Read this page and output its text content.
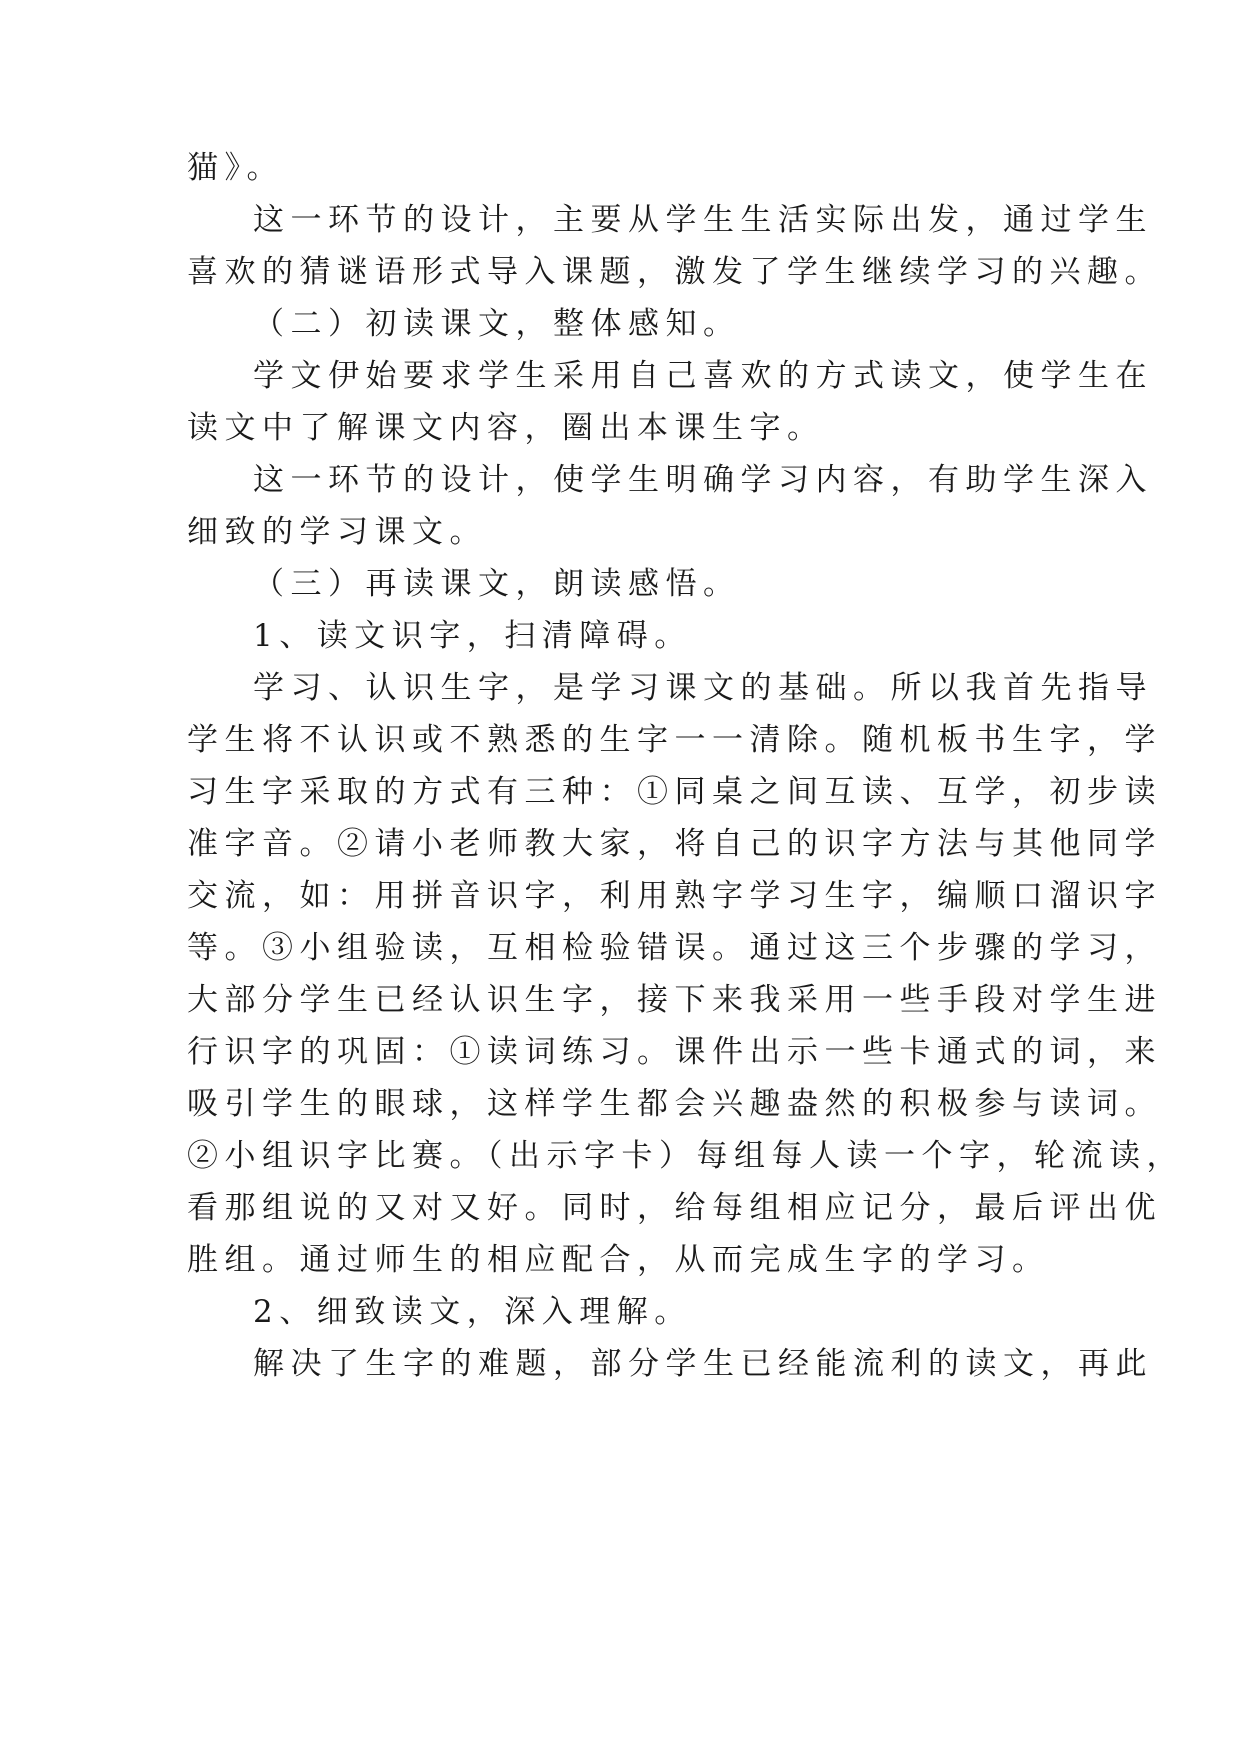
猫》。
这一环节的设计，主要从学生生活实际出发，通过学生
喜欢的猜谜语形式导入课题，激发了学生继续学习的兴趣。
（二）初读课文，整体感知。
学文伊始要求学生采用自己喜欢的方式读文，使学生在
读文中了解课文内容，圈出本课生字。
这一环节的设计，使学生明确学习内容，有助学生深入
细致的学习课文。
（三）再读课文，朗读感悟。
1、读文识字，扫清障碍。
学习、认识生字，是学习课文的基础。所以我首先指导
学生将不认识或不熟悉的生字一一清除。随机板书生字，学
习生字采取的方式有三种：①同桌之间互读、互学，初步读
准字音。②请小老师教大家，将自己的识字方法与其他同学
交流，如：用拼音识字，利用熟字学习生字，编顺口溜识字
等。③小组验读，互相检验错误。通过这三个步骤的学习，
大部分学生已经认识生字，接下来我采用一些手段对学生进
行识字的巩固：①读词练习。课件出示一些卡通式的词，来
吸引学生的眼球，这样学生都会兴趣盎然的积极参与读词。
②小组识字比赛。（出示字卡）每组每人读一个字，轮流读，
看那组说的又对又好。同时，给每组相应记分，最后评出优
胜组。通过师生的相应配合，从而完成生字的学习。
2、细致读文，深入理解。
解决了生字的难题，部分学生已经能流利的读文，再此
